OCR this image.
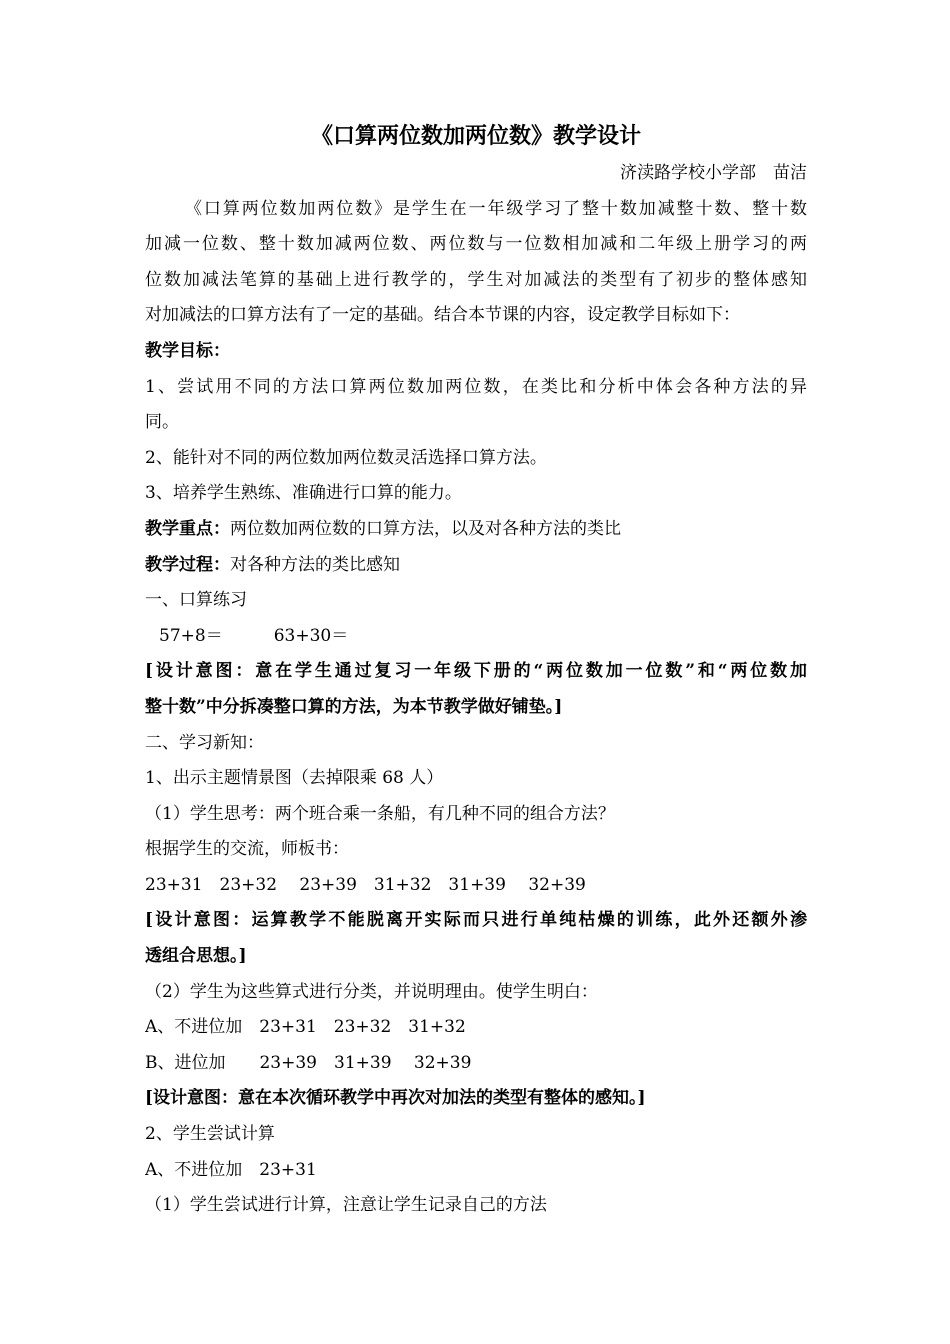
《口算两位数加两位数》教学设计

济渎路学校小学部　苗洁

《口算两位数加两位数》是学生在一年级学习了整十数加减整十数、整十数

加减一位数、整十数加减两位数、两位数与一位数相加减和二年级上册学习的两

位数加减法笔算的基础上进行教学的，学生对加减法的类型有了初步的整体感知

对加减法的口算方法有了一定的基础。结合本节课的内容，设定教学目标如下：

教学目标：

1、尝试用不同的方法口算两位数加两位数，在类比和分析中体会各种方法的异

同。

2、能针对不同的两位数加两位数灵活选择口算方法。

3、培养学生熟练、准确进行口算的能力。

教学重点：两位数加两位数的口算方法，以及对各种方法的类比

教学过程：对各种方法的类比感知

一、口算练习

57+8＝　　　63+30＝

[设计意图：意在学生通过复习一年级下册的“两位数加一位数”和“两位数加

整十数”中分拆凑整口算的方法，为本节教学做好铺垫。]

二、学习新知：

1、出示主题情景图（去掉限乘 68 人）

（1）学生思考：两个班合乘一条船，有几种不同的组合方法？

根据学生的交流，师板书：

23+31　23+32　 23+39　31+32　31+39　 32+39

[设计意图：运算教学不能脱离开实际而只进行单纯枯燥的训练，此外还额外渗

透组合思想。]

（2）学生为这些算式进行分类，并说明理由。使学生明白：

A、不进位加　23+31　23+32　31+32

B、进位加　　23+39　31+39　 32+39

[设计意图：意在本次循环教学中再次对加法的类型有整体的感知。]

2、学生尝试计算

A、不进位加　23+31

（1）学生尝试进行计算，注意让学生记录自己的方法
